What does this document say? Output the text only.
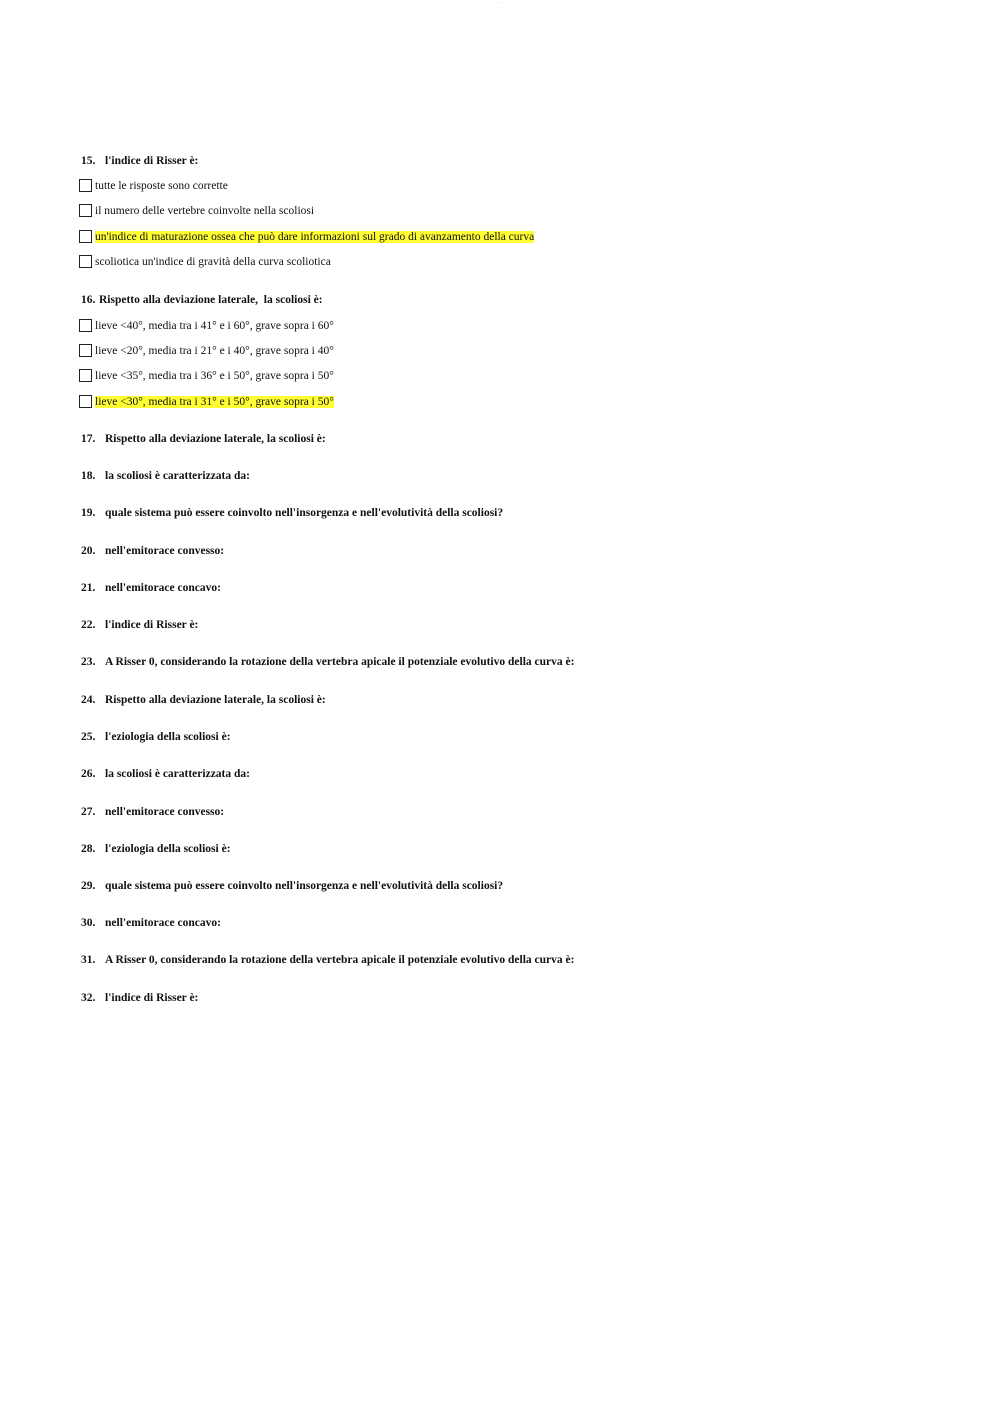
……
15. l'indice di Risser è:
tutte le risposte sono corrette
il numero delle vertebre coinvolte nella scoliosi
un'indice di maturazione ossea che può dare informazioni sul grado di avanzamento della curva
scoliotica un'indice di gravità della curva scoliotica
16. Rispetto alla deviazione laterale,  la scoliosi è:
lieve <40°, media tra i 41° e i 60°, grave sopra i 60°
lieve <20°, media tra i 21° e i 40°, grave sopra i 40°
lieve <35°, media tra i 36° e i 50°, grave sopra i 50°
lieve <30°, media tra i 31° e i 50°, grave sopra i 50°
17. Rispetto alla deviazione laterale, la scoliosi è:
18. la scoliosi è caratterizzata da:
19. quale sistema può essere coinvolto nell'insorgenza e nell'evolutività della scoliosi?
20. nell'emitorace convesso:
21. nell'emitorace concavo:
22. l'indice di Risser è:
23. A Risser 0, considerando la rotazione della vertebra apicale il potenziale evolutivo della curva è:
24. Rispetto alla deviazione laterale, la scoliosi è:
25. l'eziologia della scoliosi è:
26. la scoliosi è caratterizzata da:
27. nell'emitorace convesso:
28. l'eziologia della scoliosi è:
29. quale sistema può essere coinvolto nell'insorgenza e nell'evolutività della scoliosi?
30. nell'emitorace concavo:
31. A Risser 0, considerando la rotazione della vertebra apicale il potenziale evolutivo della curva è:
32. l'indice di Risser è:
